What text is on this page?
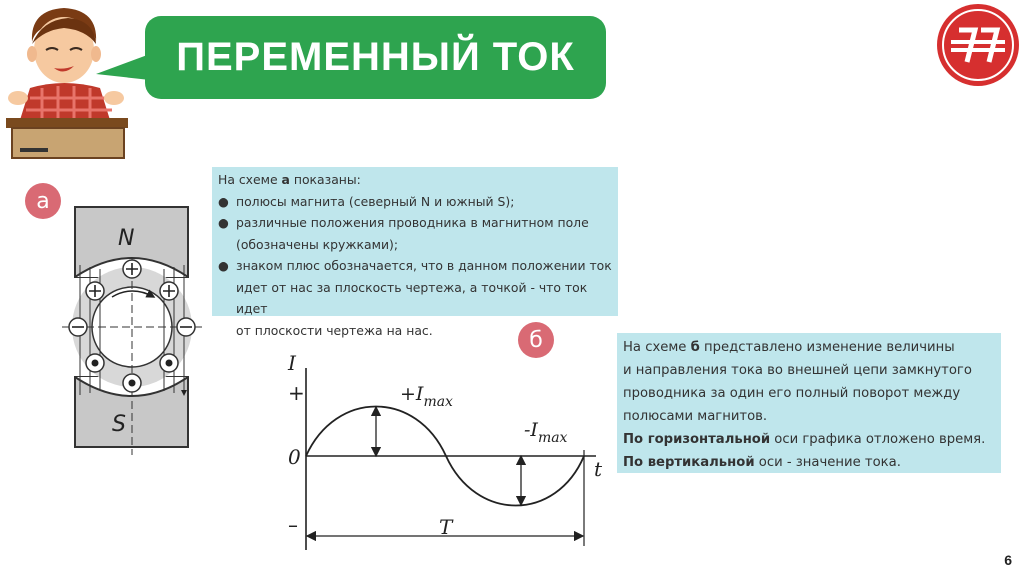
ПЕРЕМЕННЫЙ ТОК
а
N
S
На схеме а показаны:
● полюсы магнита (северный N и южный S);
● различные положения проводника в магнитном поле
(обозначены кружками);
● знаком плюс обозначается, что в данном положении ток
идет от нас за плоскость чертежа, а точкой - что ток идет
от плоскости чертежа на нас.	б
I
+
0
–
t
T
$+I_{max}$
$-I_{max}$
На схеме б представлено изменение величины
и направления тока во внешней цепи замкнутого
проводника за один его полный поворот между
полюсами магнитов.
По горизонтальной оси графика отложено время.
По вертикальной оси - значение тока.
6
